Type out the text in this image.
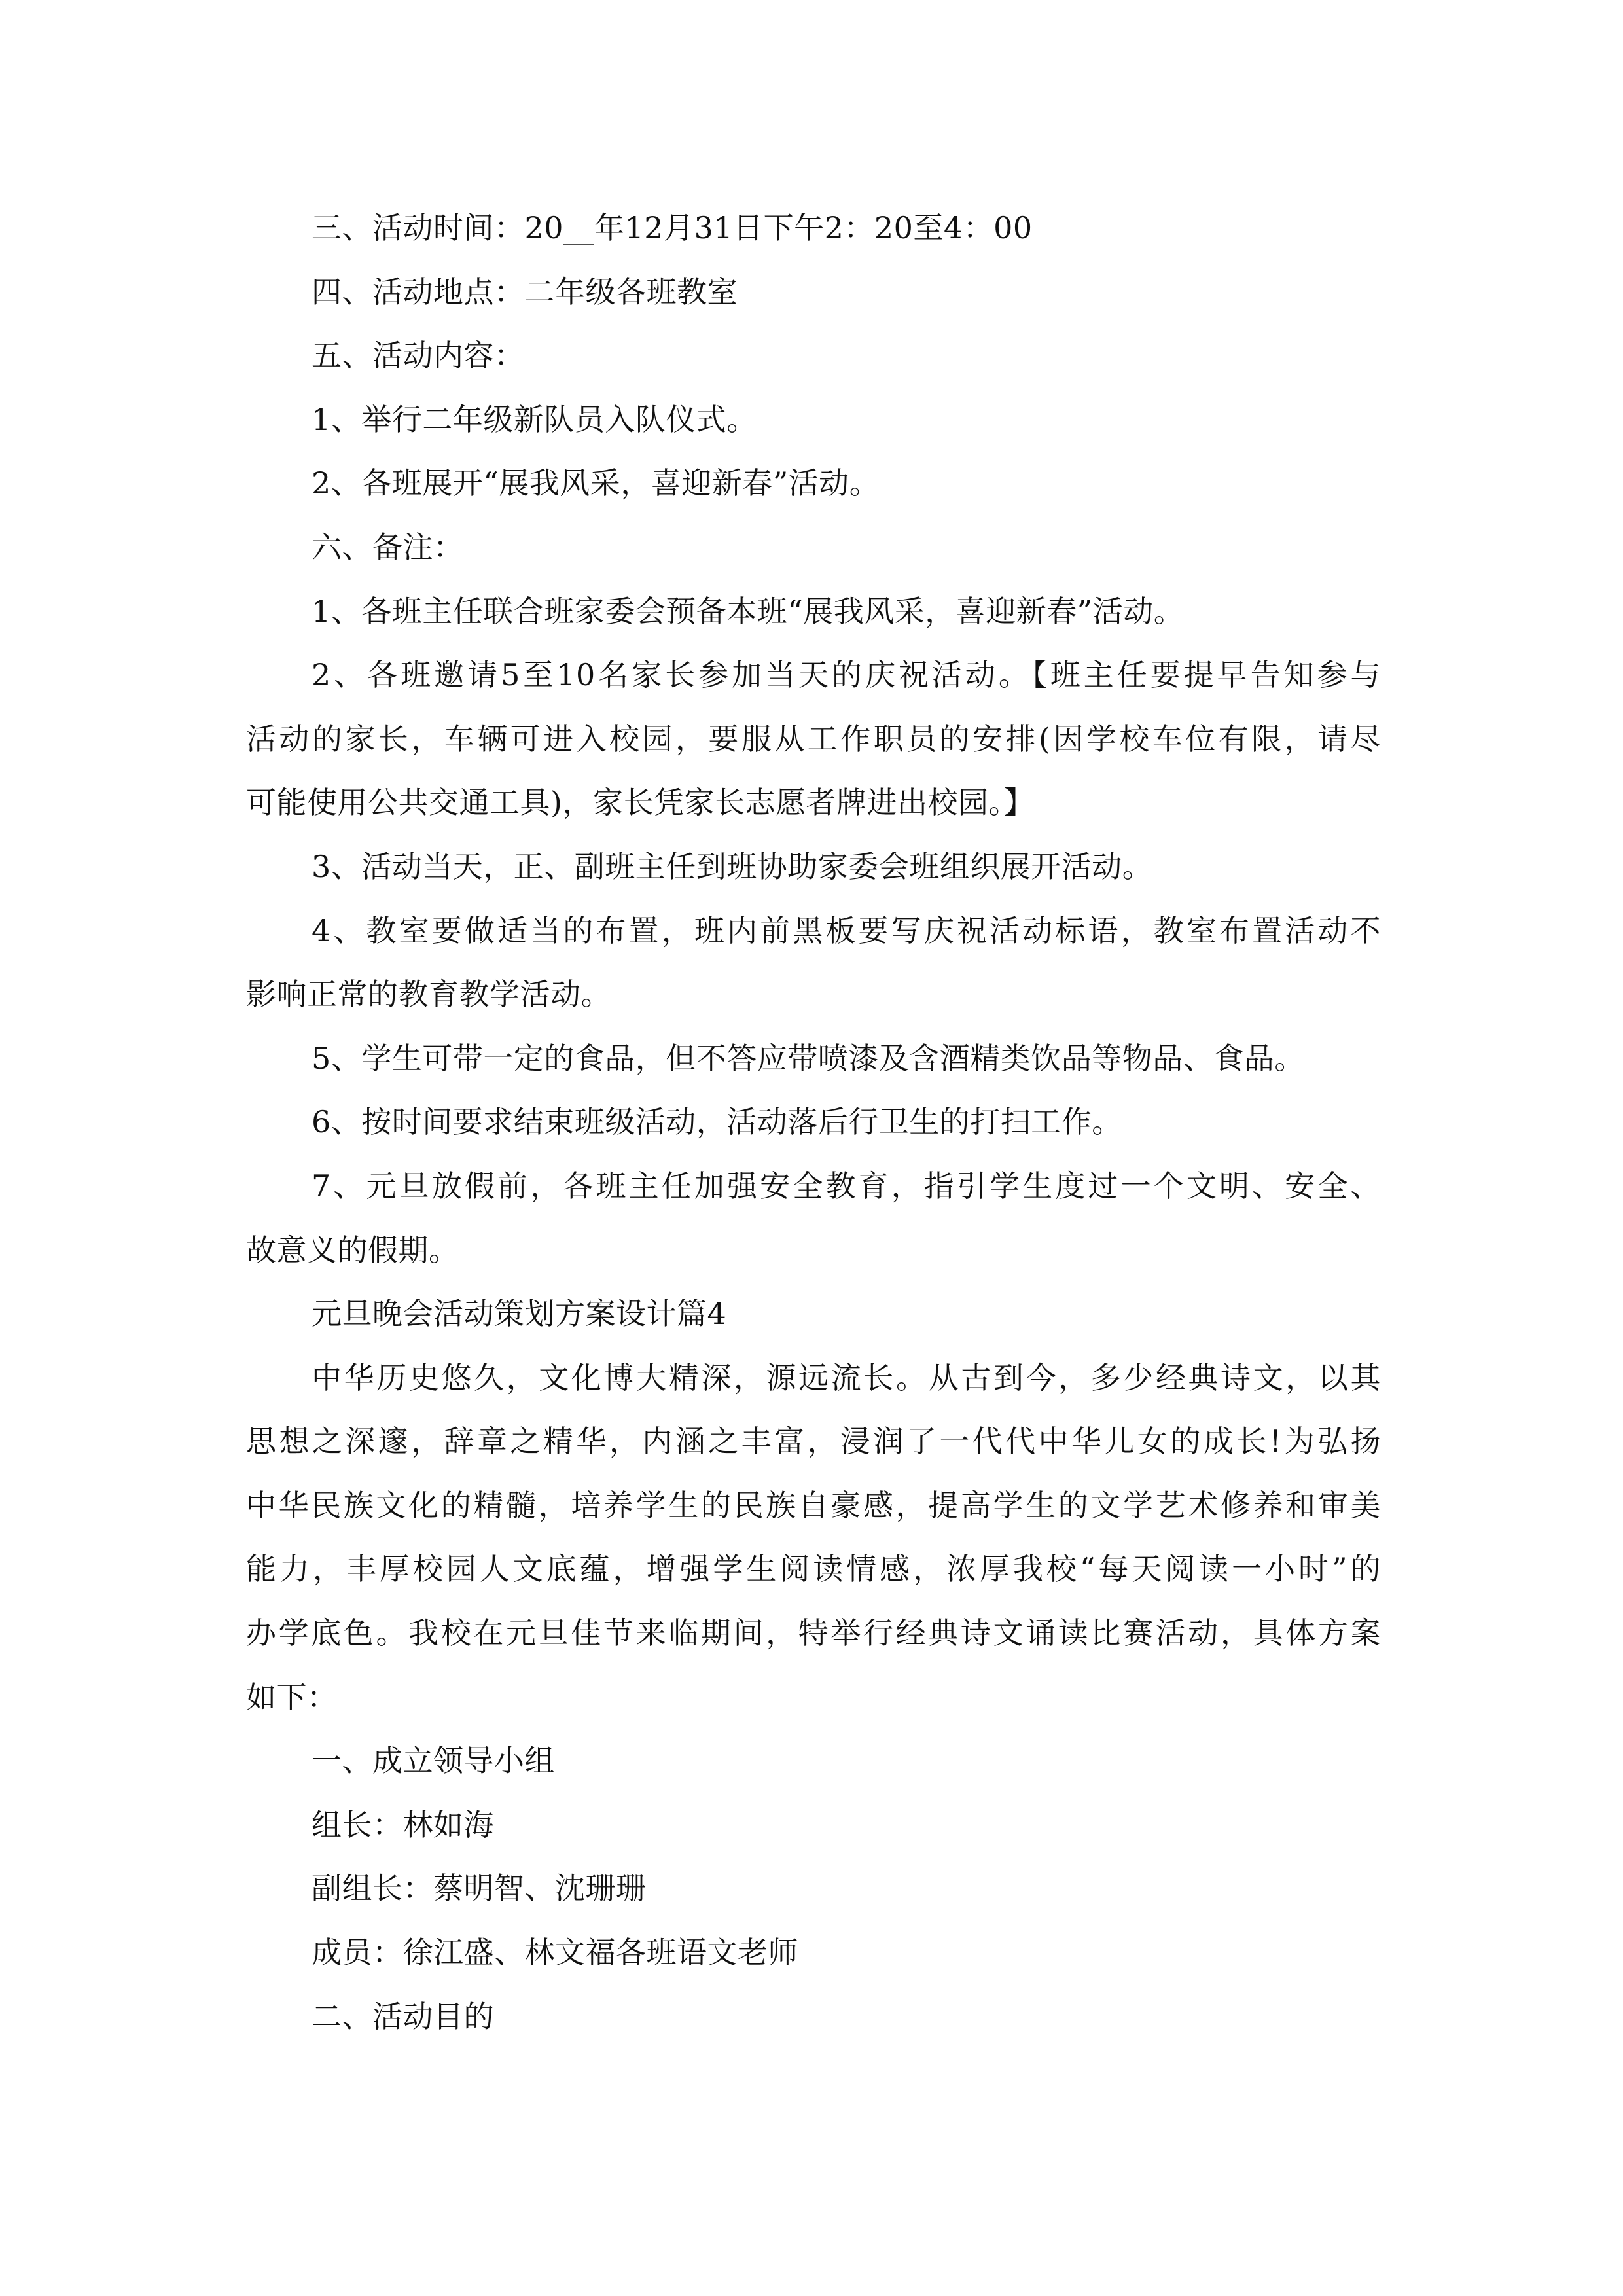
三、活动时间：20__年12月31日下午2：20至4：00
四、活动地点：二年级各班教室
五、活动内容：
1、举行二年级新队员入队仪式。
2、各班展开“展我风采，喜迎新春”活动。
六、备注：
1、各班主任联合班家委会预备本班“展我风采，喜迎新春”活动。
2、各班邀请5至10名家长参加当天的庆祝活动。【班主任要提早告知参与
活动的家长，车辆可进入校园，要服从工作职员的安排(因学校车位有限，请尽
可能使用公共交通工具)，家长凭家长志愿者牌进出校园。】
3、活动当天，正、副班主任到班协助家委会班组织展开活动。
4、教室要做适当的布置，班内前黑板要写庆祝活动标语，教室布置活动不
影响正常的教育教学活动。
5、学生可带一定的食品，但不答应带喷漆及含酒精类饮品等物品、食品。
6、按时间要求结束班级活动，活动落后行卫生的打扫工作。
7、元旦放假前，各班主任加强安全教育，指引学生度过一个文明、安全、
故意义的假期。
元旦晚会活动策划方案设计篇4
中华历史悠久，文化博大精深，源远流长。从古到今，多少经典诗文，以其
思想之深邃，辞章之精华，内涵之丰富，浸润了一代代中华儿女的成长!为弘扬
中华民族文化的精髓，培养学生的民族自豪感，提高学生的文学艺术修养和审美
能力，丰厚校园人文底蕴，增强学生阅读情感，浓厚我校“每天阅读一小时”的
办学底色。我校在元旦佳节来临期间，特举行经典诗文诵读比赛活动，具体方案
如下：
一、成立领导小组
组长：林如海
副组长：蔡明智、沈珊珊
成员：徐江盛、林文福各班语文老师
二、活动目的
